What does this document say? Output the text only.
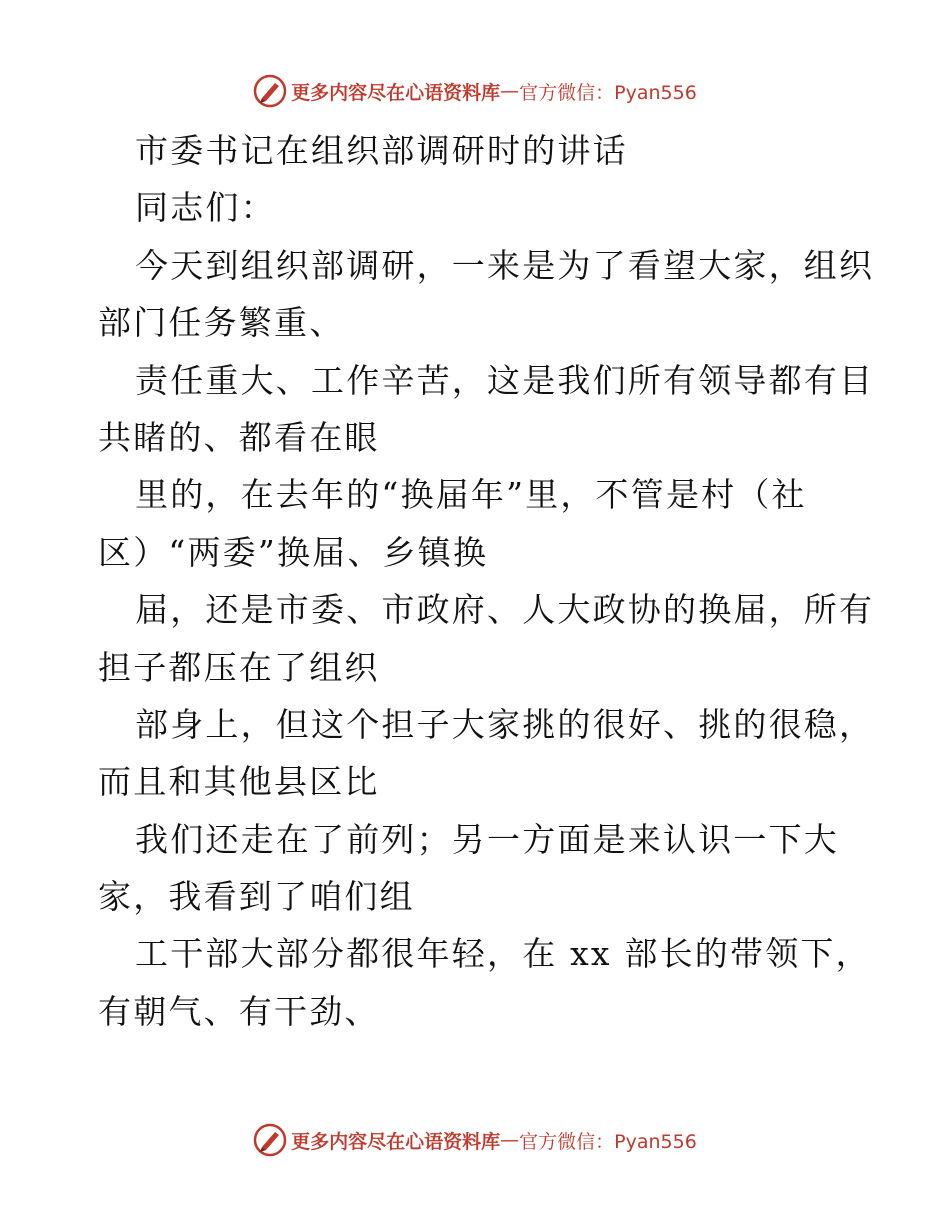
更多内容尽在心语资料库 — 官方微信：Pyan556
市委书记在组织部调研时的讲话
同志们：
今天到组织部调研，一来是为了看望大家，组织
部门任务繁重、
责任重大、工作辛苦，这是我们所有领导都有目
共睹的、都看在眼
里的，在去年的“换届年”里，不管是村（社
区）“两委”换届、乡镇换
届，还是市委、市政府、人大政协的换届，所有
担子都压在了组织
部身上，但这个担子大家挑的很好、挑的很稳，
而且和其他县区比
我们还走在了前列；另一方面是来认识一下大
家，我看到了咱们组
工干部大部分都很年轻，在 xx 部长的带领下，
有朝气、有干劲、
更多内容尽在心语资料库 — 官方微信：Pyan556
